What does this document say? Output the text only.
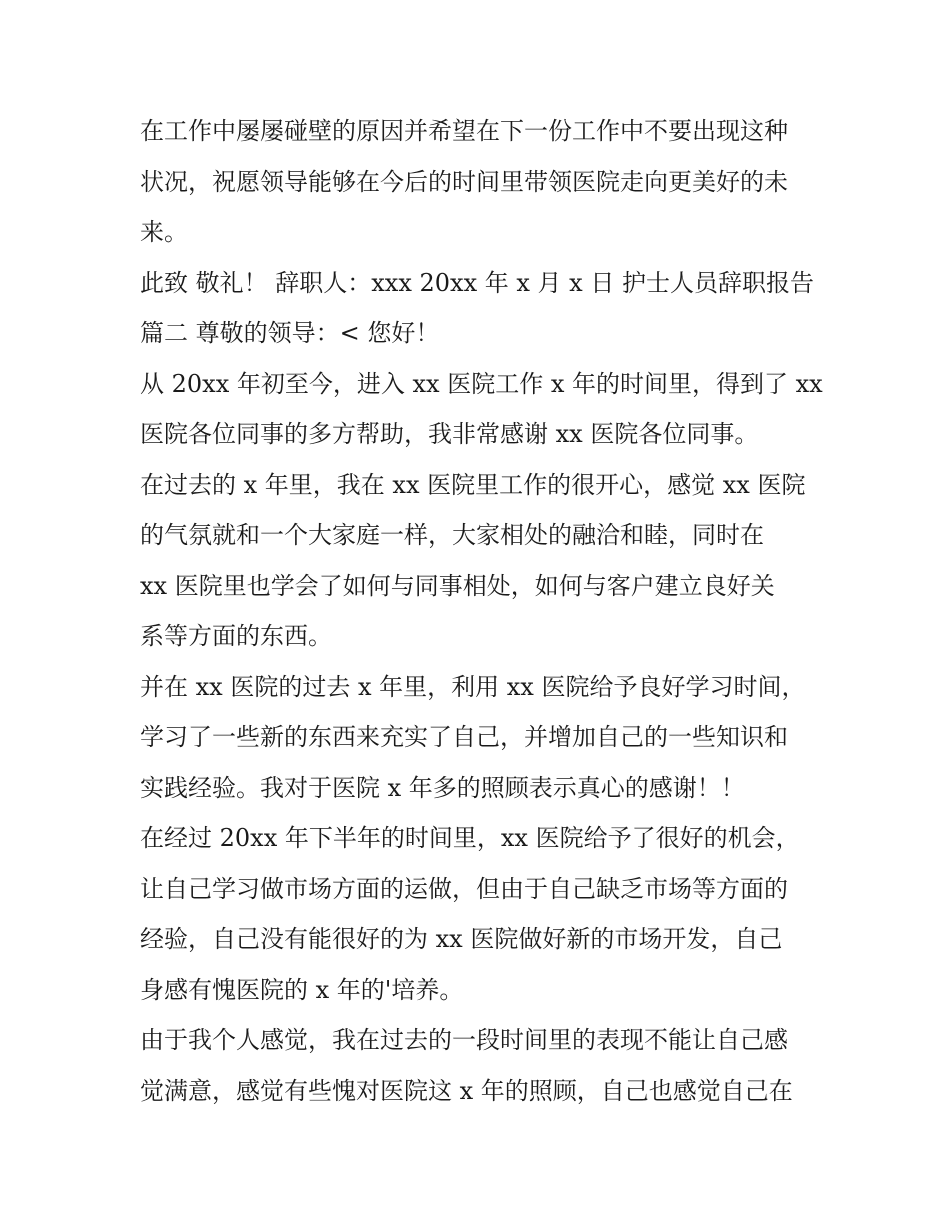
在工作中屡屡碰壁的原因并希望在下一份工作中不要出现这种

状况，祝愿领导能够在今后的时间里带领医院走向更美好的未

来。

此致 敬礼！ 辞职人：xxx 20xx 年 x 月 x 日 护士人员辞职报告

篇二 尊敬的领导：< 您好！

从 20xx 年初至今，进入 xx 医院工作 x 年的时间里，得到了 xx

医院各位同事的多方帮助，我非常感谢 xx 医院各位同事。

在过去的 x 年里，我在 xx 医院里工作的很开心，感觉 xx 医院

的气氛就和一个大家庭一样，大家相处的融洽和睦，同时在

xx 医院里也学会了如何与同事相处，如何与客户建立良好关

系等方面的东西。

并在 xx 医院的过去 x 年里，利用 xx 医院给予良好学习时间，

学习了一些新的东西来充实了自己，并增加自己的一些知识和

实践经验。我对于医院 x 年多的照顾表示真心的感谢！！

在经过 20xx 年下半年的时间里，xx 医院给予了很好的机会，

让自己学习做市场方面的运做，但由于自己缺乏市场等方面的

经验，自己没有能很好的为 xx 医院做好新的市场开发，自己

身感有愧医院的 x 年的'培养。

由于我个人感觉，我在过去的一段时间里的表现不能让自己感

觉满意，感觉有些愧对医院这 x 年的照顾，自己也感觉自己在
